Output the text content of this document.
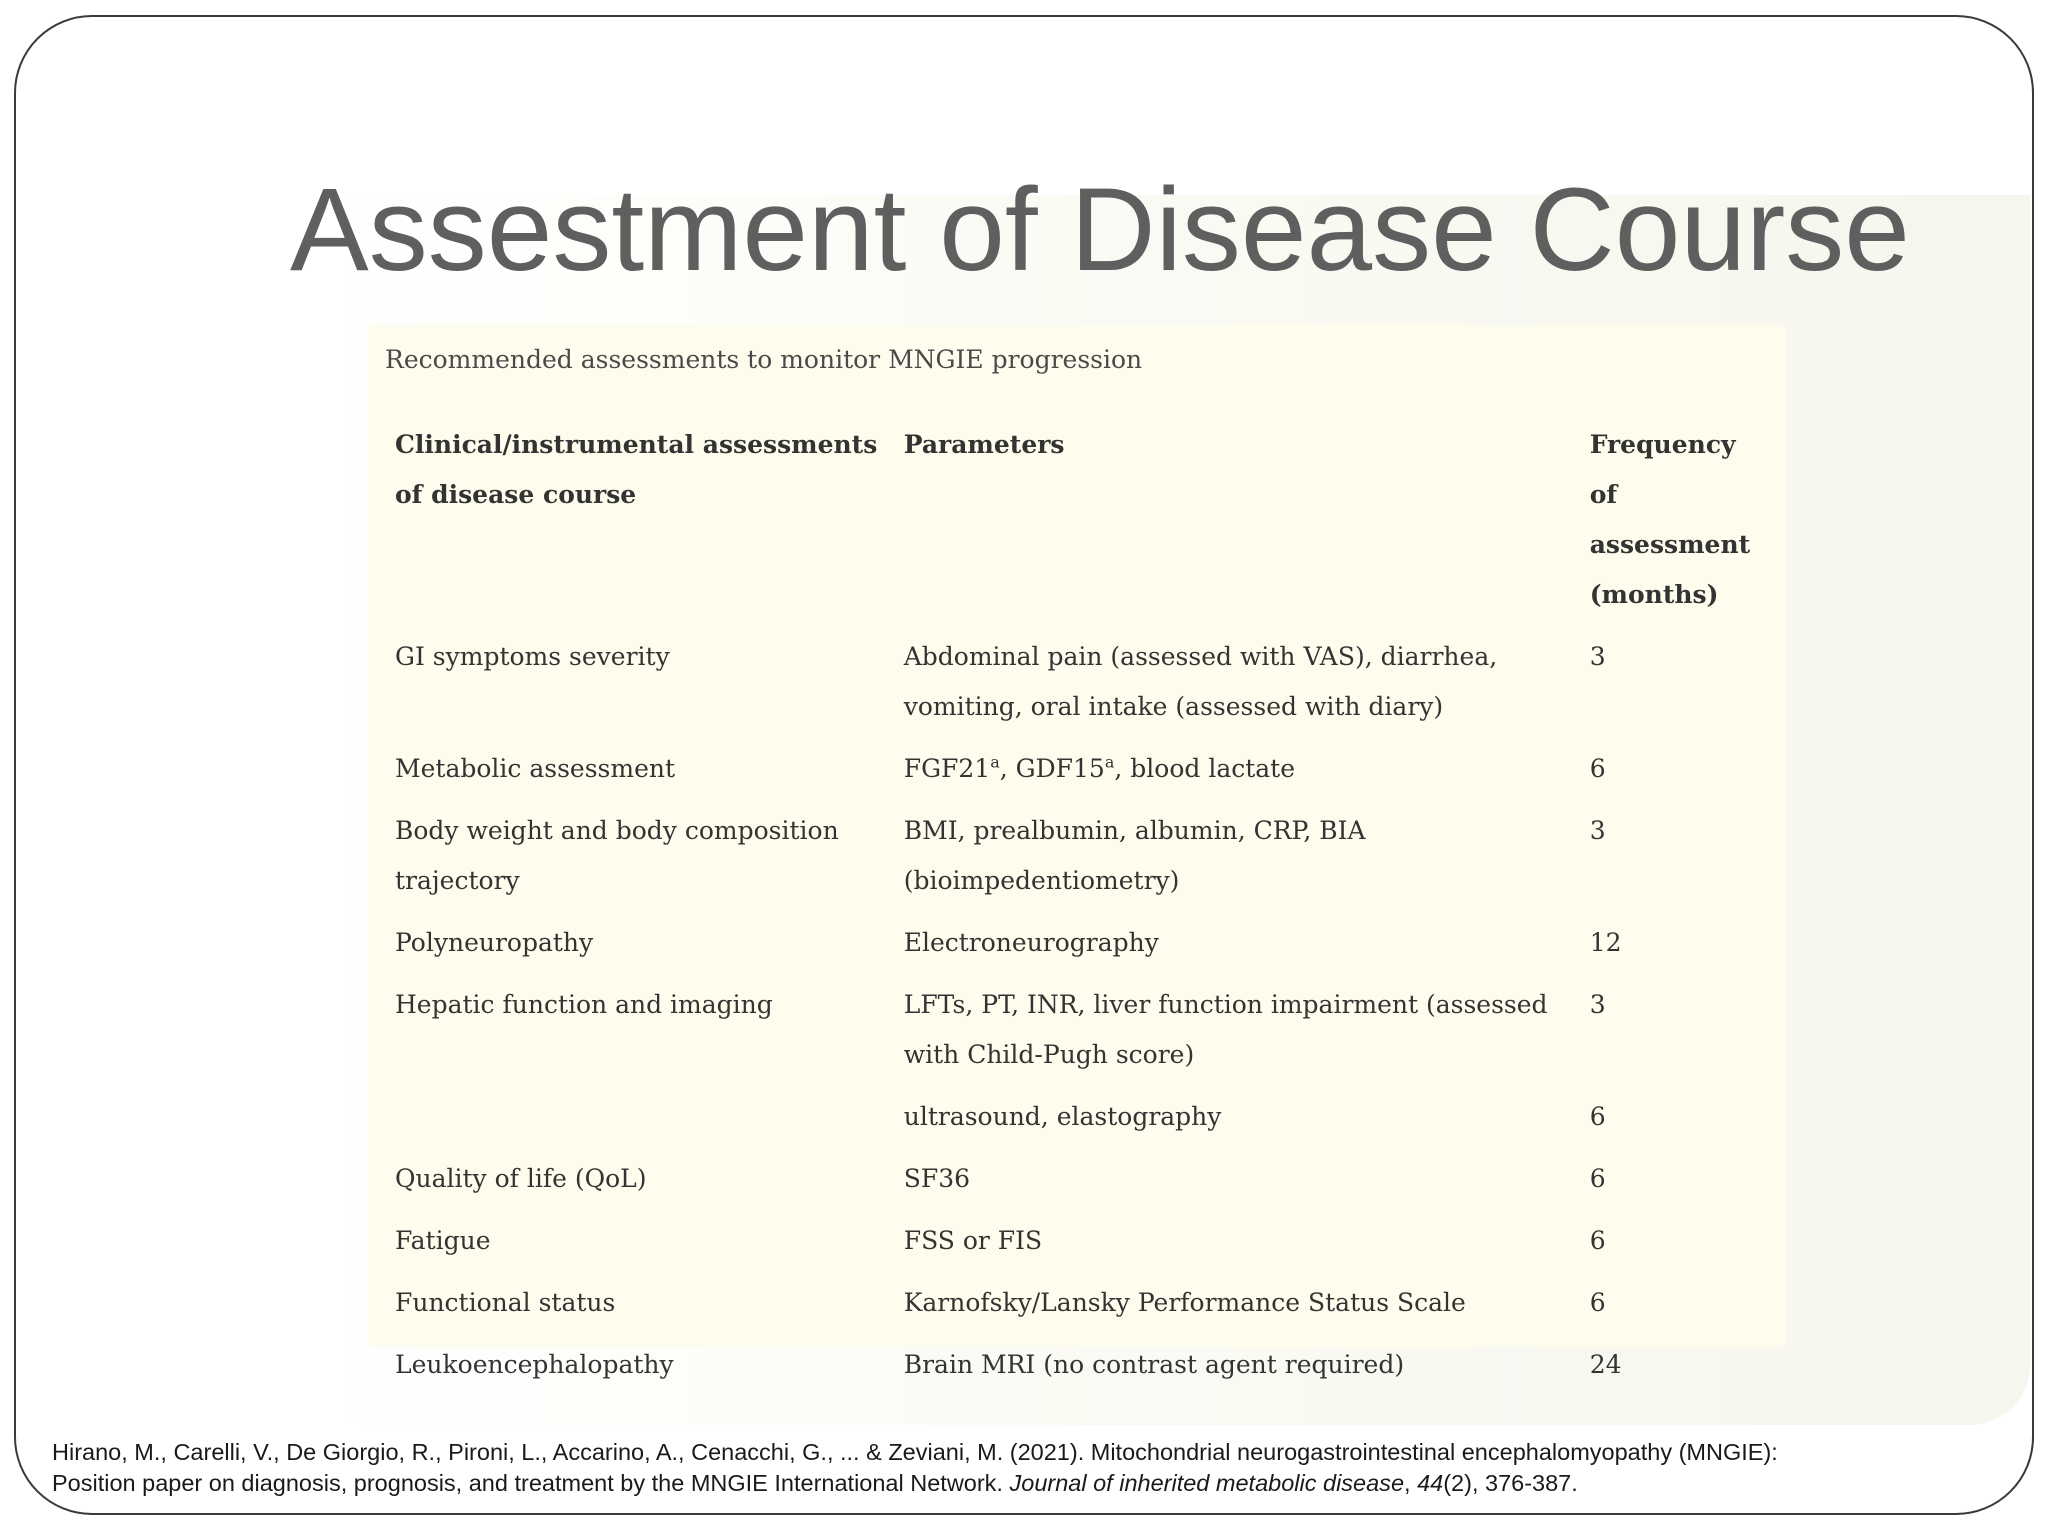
Assestment of Disease Course
Recommended assessments to monitor MNGIE progression
Clinical/instrumental assessments of disease course	Parameters	Frequency of assessment (months)
GI symptoms severity	Abdominal pain (assessed with VAS), diarrhea, vomiting, oral intake (assessed with diary)	3
Metabolic assessment	FGF21$^a$, GDF15$^a$, blood lactate	6
Body weight and body composition trajectory	BMI, prealbumin, albumin, CRP, BIA (bioimpedentiometry)	3
Polyneuropathy	Electroneurography	12
Hepatic function and imaging	LFTs, PT, INR, liver function impairment (assessed with Child-Pugh score)	3
	ultrasound, elastography	6
Quality of life (QoL)	SF36	6
Fatigue	FSS or FIS	6
Functional status	Karnofsky/Lansky Performance Status Scale	6
Leukoencephalopathy	Brain MRI (no contrast agent required)	24
Hirano, M., Carelli, V., De Giorgio, R., Pironi, L., Accarino, A., Cenacchi, G., ... & Zeviani, M. (2021). Mitochondrial neurogastrointestinal encephalomyopathy (MNGIE):
Position paper on diagnosis, prognosis, and treatment by the MNGIE International Network. Journal of inherited metabolic disease, 44(2), 376-387.
